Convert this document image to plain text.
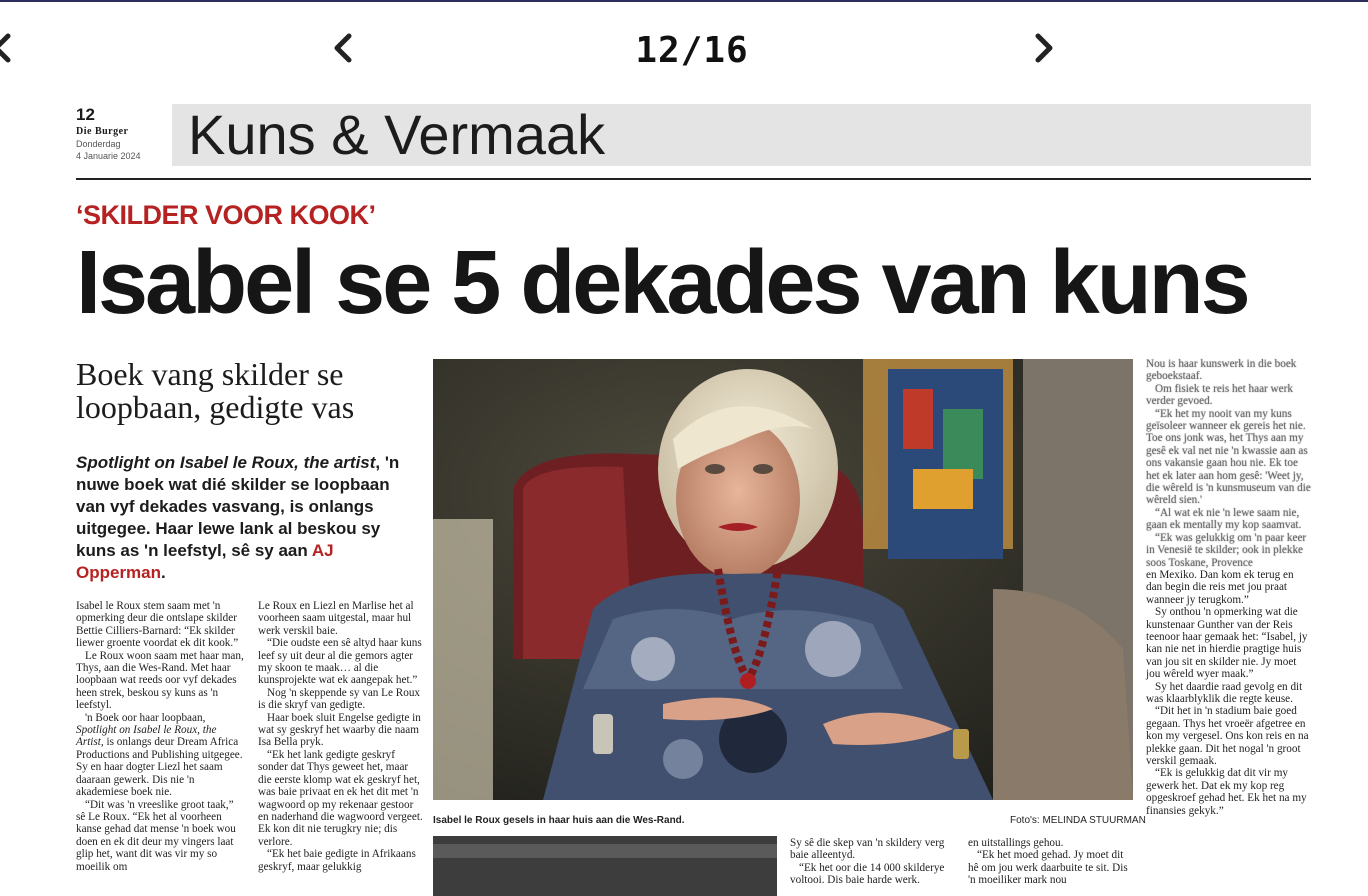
12/16
12
Die Burger
Donderdag
4 Januarie 2024 Kuns & Vermaak
‘SKILDER VOOR KOOK’
Isabel se 5 dekades van kuns
Boek vang skilder se loopbaan, gedigte vas
Spotlight on Isabel le Roux, the artist, 'n nuwe boek wat dié skilder se loopbaan van vyf dekades vasvang, is onlangs uitgegee. Haar lewe lank al beskou sy kuns as 'n leefstyl, sê sy aan AJ Opperman.
Isabel le Roux gesels in haar huis aan die Wes-Rand.	Foto's: MELINDA STUURMAN

Isabel le Roux stem saam met 'n opmerking deur die ontslape skilder Bettie Cilliers-Barnard: “Ek skilder liewer groente voordat ek dit kook.”

Le Roux woon saam met haar man, Thys, aan die Wes-Rand. Met haar loopbaan wat reeds oor vyf dekades heen strek, beskou sy kuns as 'n leefstyl.

'n Boek oor haar loopbaan, Spotlight on Isabel le Roux, the Artist, is onlangs deur Dream Africa Productions and Publishing uitgegee. Sy en haar dogter Liezl het saam daaraan gewerk. Dis nie 'n akademiese boek nie.

“Dit was 'n vreeslike groot taak,” sê Le Roux. “Ek het al voorheen kanse gehad dat mense 'n boek wou doen en ek dit deur my vingers laat glip het, want dit was vir my so moeilik om

Le Roux en Liezl en Marlise het al voorheen saam uitgestal, maar hul werk verskil baie.

“Die oudste een sê altyd haar kuns leef sy uit deur al die gemors agter my skoon te maak… al die kunsprojekte wat ek aangepak het.”

Nog 'n skeppende sy van Le Roux is die skryf van gedigte.

Haar boek sluit Engelse gedigte in wat sy geskryf het waarby die naam Isa Bella pryk.

“Ek het lank gedigte geskryf sonder dat Thys geweet het, maar die eerste klomp wat ek geskryf het, was baie privaat en ek het dit met 'n wagwoord op my rekenaar gestoor en naderhand die wagwoord vergeet. Ek kon dit nie terugkry nie; dis verlore.

“Ek het baie gedigte in Afrikaans geskryf, maar gelukkig

Nou is haar kunswerk in die boek geboekstaaf.

Om fisiek te reis het haar werk verder gevoed.

“Ek het my nooit van my kuns geïsoleer wanneer ek gereis het nie. Toe ons jonk was, het Thys aan my gesê ek val net nie 'n kwassie aan as ons vakansie gaan hou nie. Ek toe het ek later aan hom gesê: 'Weet jy, die wêreld is 'n kunsmuseum van die wêreld sien.'

“Al wat ek nie 'n lewe saam nie, gaan ek mentally my kop saamvat.

“Ek was gelukkig om 'n paar keer in Venesië te skilder; ook in plekke soos Toskane, Provence

en Mexiko. Dan kom ek terug en dan begin die reis met jou praat wanneer jy terugkom.”

Sy onthou 'n opmerking wat die kunstenaar Gunther van der Reis teenoor haar gemaak het: “Isabel, jy kan nie net in hierdie pragtige huis van jou sit en skilder nie. Jy moet jou wêreld wyer maak.”

Sy het daardie raad gevolg en dit was klaarblyklik die regte keuse.

“Dit het in 'n stadium baie goed gegaan. Thys het vroeër afgetree en kon my vergesel. Ons kon reis en na plekke gaan. Dit het nogal 'n groot verskil gemaak.

“Ek is gelukkig dat dit vir my gewerk het. Dat ek my kop reg opgeskroef gehad het. Ek het na my finansies gekyk.”

Sy sê die skep van 'n skildery verg baie alleentyd.

“Ek het oor die 14 000 skilderye voltooi. Dis baie harde werk.

en uitstallings gehou.

“Ek het moed gehad. Jy moet dit hê om jou werk daarbuite te sit. Dis 'n moeiliker mark nou
